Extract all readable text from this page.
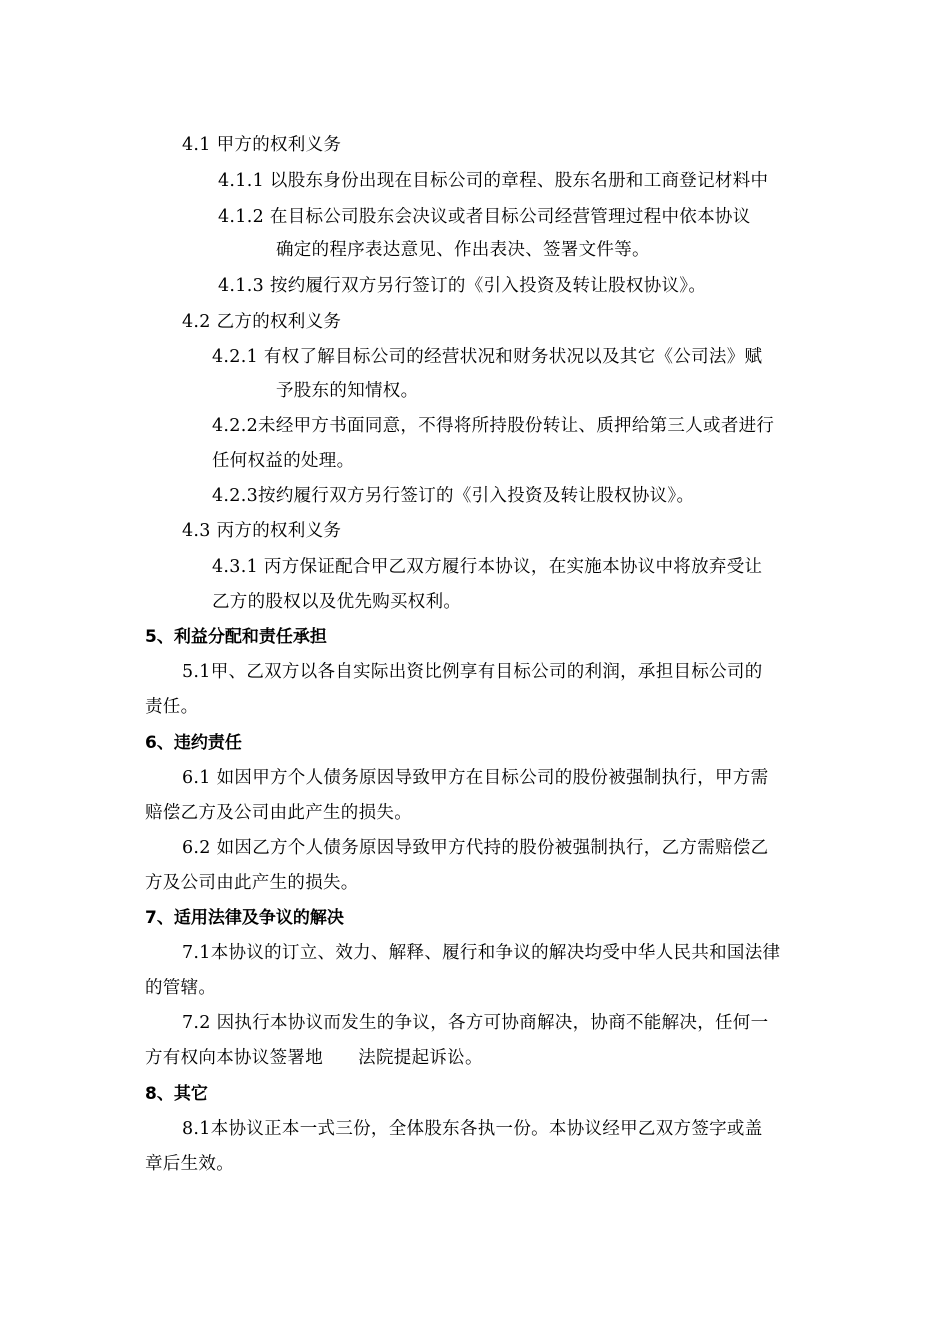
4.1 甲方的权利义务
4.1.1 以股东身份出现在目标公司的章程、股东名册和工商登记材料中
4.1.2 在目标公司股东会决议或者目标公司经营管理过程中依本协议
确定的程序表达意见、作出表决、签署文件等。
4.1.3 按约履行双方另行签订的《引入投资及转让股权协议》。
4.2 乙方的权利义务
4.2.1 有权了解目标公司的经营状况和财务状况以及其它《公司法》赋
予股东的知情权。
4.2.2未经甲方书面同意，不得将所持股份转让、质押给第三人或者进行
任何权益的处理。
4.2.3按约履行双方另行签订的《引入投资及转让股权协议》。
4.3 丙方的权利义务
4.3.1 丙方保证配合甲乙双方履行本协议，在实施本协议中将放弃受让
乙方的股权以及优先购买权利。
5、利益分配和责任承担
5.1甲、乙双方以各自实际出资比例享有目标公司的利润，承担目标公司的
责任。
6、违约责任
6.1 如因甲方个人债务原因导致甲方在目标公司的股份被强制执行，甲方需
赔偿乙方及公司由此产生的损失。
6.2 如因乙方个人债务原因导致甲方代持的股份被强制执行，乙方需赔偿乙
方及公司由此产生的损失。
7、适用法律及争议的解决
7.1本协议的订立、效力、解释、履行和争议的解决均受中华人民共和国法律
的管辖。
7.2 因执行本协议而发生的争议，各方可协商解决，协商不能解决，任何一
方有权向本协议签署地      法院提起诉讼。
8、其它
8.1本协议正本一式三份，全体股东各执一份。本协议经甲乙双方签字或盖
章后生效。
